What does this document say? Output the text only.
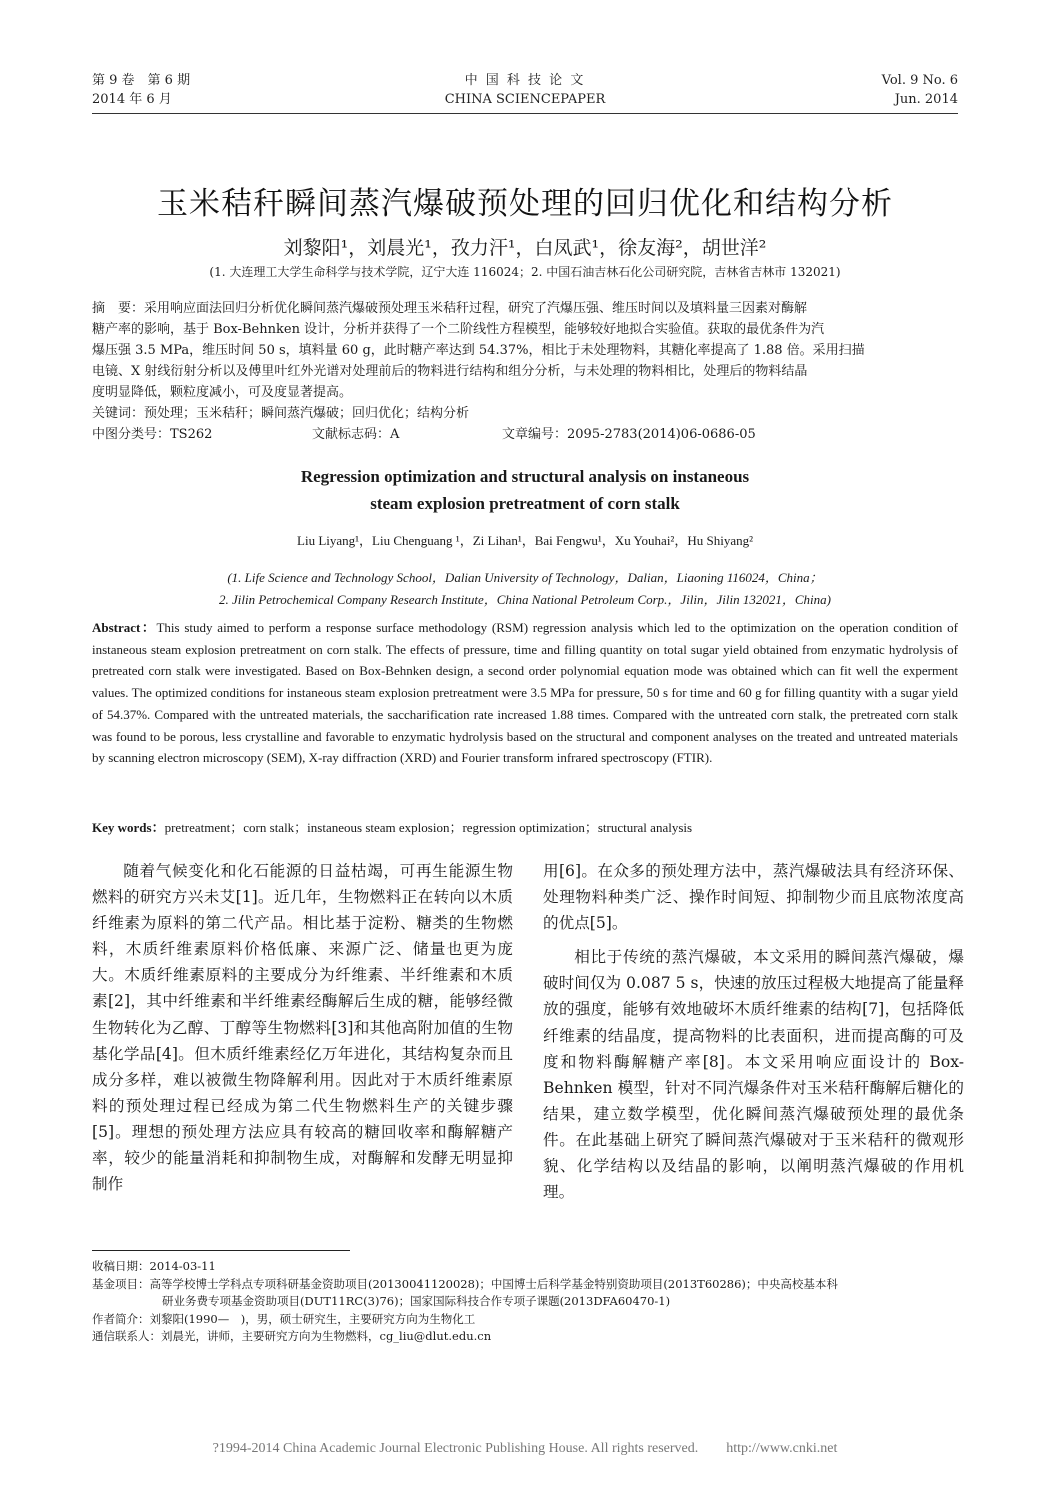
第 9 卷　第 6 期
2014 年 6 月
中 国 科 技 论 文
CHINA SCIENCEPAPER
Vol. 9 No. 6
Jun. 2014
玉米秸秆瞬间蒸汽爆破预处理的回归优化和结构分析
刘黎阳¹，刘晨光¹，孜力汗¹，白凤武¹，徐友海²，胡世洋²
(1. 大连理工大学生命科学与技术学院，辽宁大连 116024；2. 中国石油吉林石化公司研究院，吉林省吉林市 132021)
摘　要：采用响应面法回归分析优化瞬间蒸汽爆破预处理玉米秸秆过程，研究了汽爆压强、维压时间以及填料量三因素对酶解
糖产率的影响，基于 Box-Behnken 设计，分析并获得了一个二阶线性方程模型，能够较好地拟合实验值。获取的最优条件为汽
爆压强 3.5 MPa，维压时间 50 s，填料量 60 g，此时糖产率达到 54.37%，相比于未处理物料，其糖化率提高了 1.88 倍。采用扫描
电镜、X 射线衍射分析以及傅里叶红外光谱对处理前后的物料进行结构和组分分析，与未处理的物料相比，处理后的物料结晶
度明显降低，颗粒度减小，可及度显著提高。
关键词：预处理；玉米秸秆；瞬间蒸汽爆破；回归优化；结构分析
中图分类号：TS262	文献标志码：A	文章编号：2095-2783(2014)06-0686-05
Regression optimization and structural analysis on instaneous
steam explosion pretreatment of corn stalk
Liu Liyang¹，Liu Chenguang ¹，Zi Lihan¹，Bai Fengwu¹，Xu Youhai²，Hu Shiyang²
(1. Life Science and Technology School，Dalian University of Technology，Dalian，Liaoning 116024，China；
2. Jilin Petrochemical Company Research Institute，China National Petroleum Corp.，Jilin，Jilin 132021，China)
Abstract：This study aimed to perform a response surface methodology (RSM) regression analysis which led to the optimization on the operation condition of instaneous steam explosion pretreatment on corn stalk. The effects of pressure, time and filling quantity on total sugar yield obtained from enzymatic hydrolysis of pretreated corn stalk were investigated. Based on Box-Behnken design, a second order polynomial equation mode was obtained which can fit well the experment values. The optimized conditions for instaneous steam explosion pretreatment were 3.5 MPa for pressure, 50 s for time and 60 g for filling quantity with a sugar yield of 54.37%. Compared with the untreated materials, the saccharification rate increased 1.88 times. Compared with the untreated corn stalk, the pretreated corn stalk was found to be porous, less crystalline and favorable to enzymatic hydrolysis based on the structural and component analyses on the treated and untreated materials by scanning electron microscopy (SEM), X-ray diffraction (XRD) and Fourier transform infrared spectroscopy (FTIR).
Key words：pretreatment；corn stalk；instaneous steam explosion；regression optimization；structural analysis

随着气候变化和化石能源的日益枯竭，可再生能源生物燃料的研究方兴未艾[1]。近几年，生物燃料正在转向以木质纤维素为原料的第二代产品。相比基于淀粉、糖类的生物燃料，木质纤维素原料价格低廉、来源广泛、储量也更为庞大。木质纤维素原料的主要成分为纤维素、半纤维素和木质素[2]，其中纤维素和半纤维素经酶解后生成的糖，能够经微生物转化为乙醇、丁醇等生物燃料[3]和其他高附加值的生物基化学品[4]。但木质纤维素经亿万年进化，其结构复杂而且成分多样，难以被微生物降解利用。因此对于木质纤维素原料的预处理过程已经成为第二代生物燃料生产的关键步骤[5]。理想的预处理方法应具有较高的糖回收率和酶解糖产率，较少的能量消耗和抑制物生成，对酶解和发酵无明显抑制作

用[6]。在众多的预处理方法中，蒸汽爆破法具有经济环保、处理物料种类广泛、操作时间短、抑制物少而且底物浓度高的优点[5]。

相比于传统的蒸汽爆破，本文采用的瞬间蒸汽爆破，爆破时间仅为 0.087 5 s，快速的放压过程极大地提高了能量释放的强度，能够有效地破坏木质纤维素的结构[7]，包括降低纤维素的结晶度，提高物料的比表面积，进而提高酶的可及度和物料酶解糖产率[8]。本文采用响应面设计的 Box-Behnken 模型，针对不同汽爆条件对玉米秸秆酶解后糖化的结果，建立数学模型，优化瞬间蒸汽爆破预处理的最优条件。在此基础上研究了瞬间蒸汽爆破对于玉米秸秆的微观形貌、化学结构以及结晶的影响，以阐明蒸汽爆破的作用机理。

收稿日期：2014-03-11
基金项目：高等学校博士学科点专项科研基金资助项目(20130041120028)；中国博士后科学基金特别资助项目(2013T60286)；中央高校基本科
研业务费专项基金资助项目(DUT11RC(3)76)；国家国际科技合作专项子课题(2013DFA60470-1)
作者简介：刘黎阳(1990—　)，男，硕士研究生，主要研究方向为生物化工
通信联系人：刘晨光，讲师，主要研究方向为生物燃料，cg_liu@dlut.edu.cn
?1994-2014 China Academic Journal Electronic Publishing House. All rights reserved.　　http://www.cnki.net
